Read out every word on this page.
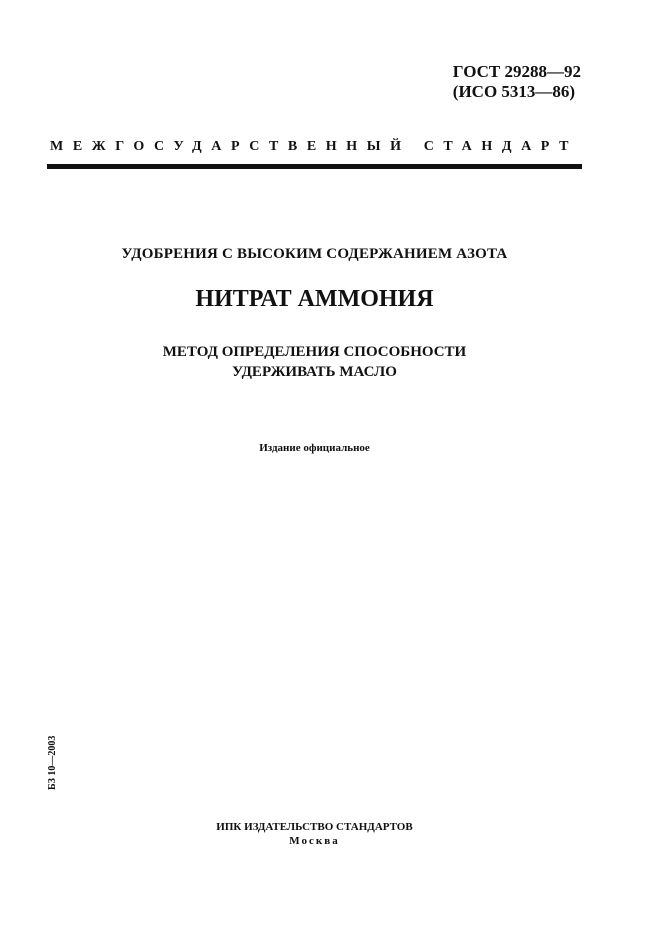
ГОСТ 29288—92
(ИСО 5313—86)
МЕЖГОСУДАРСТВЕННЫЙ СТАНДАРТ
УДОБРЕНИЯ С ВЫСОКИМ СОДЕРЖАНИЕМ АЗОТА
НИТРАТ АММОНИЯ
МЕТОД ОПРЕДЕЛЕНИЯ СПОСОБНОСТИ
УДЕРЖИВАТЬ МАСЛО
Издание официальное
БЗ 10—2003
ИПК ИЗДАТЕЛЬСТВО СТАНДАРТОВ
Москва
